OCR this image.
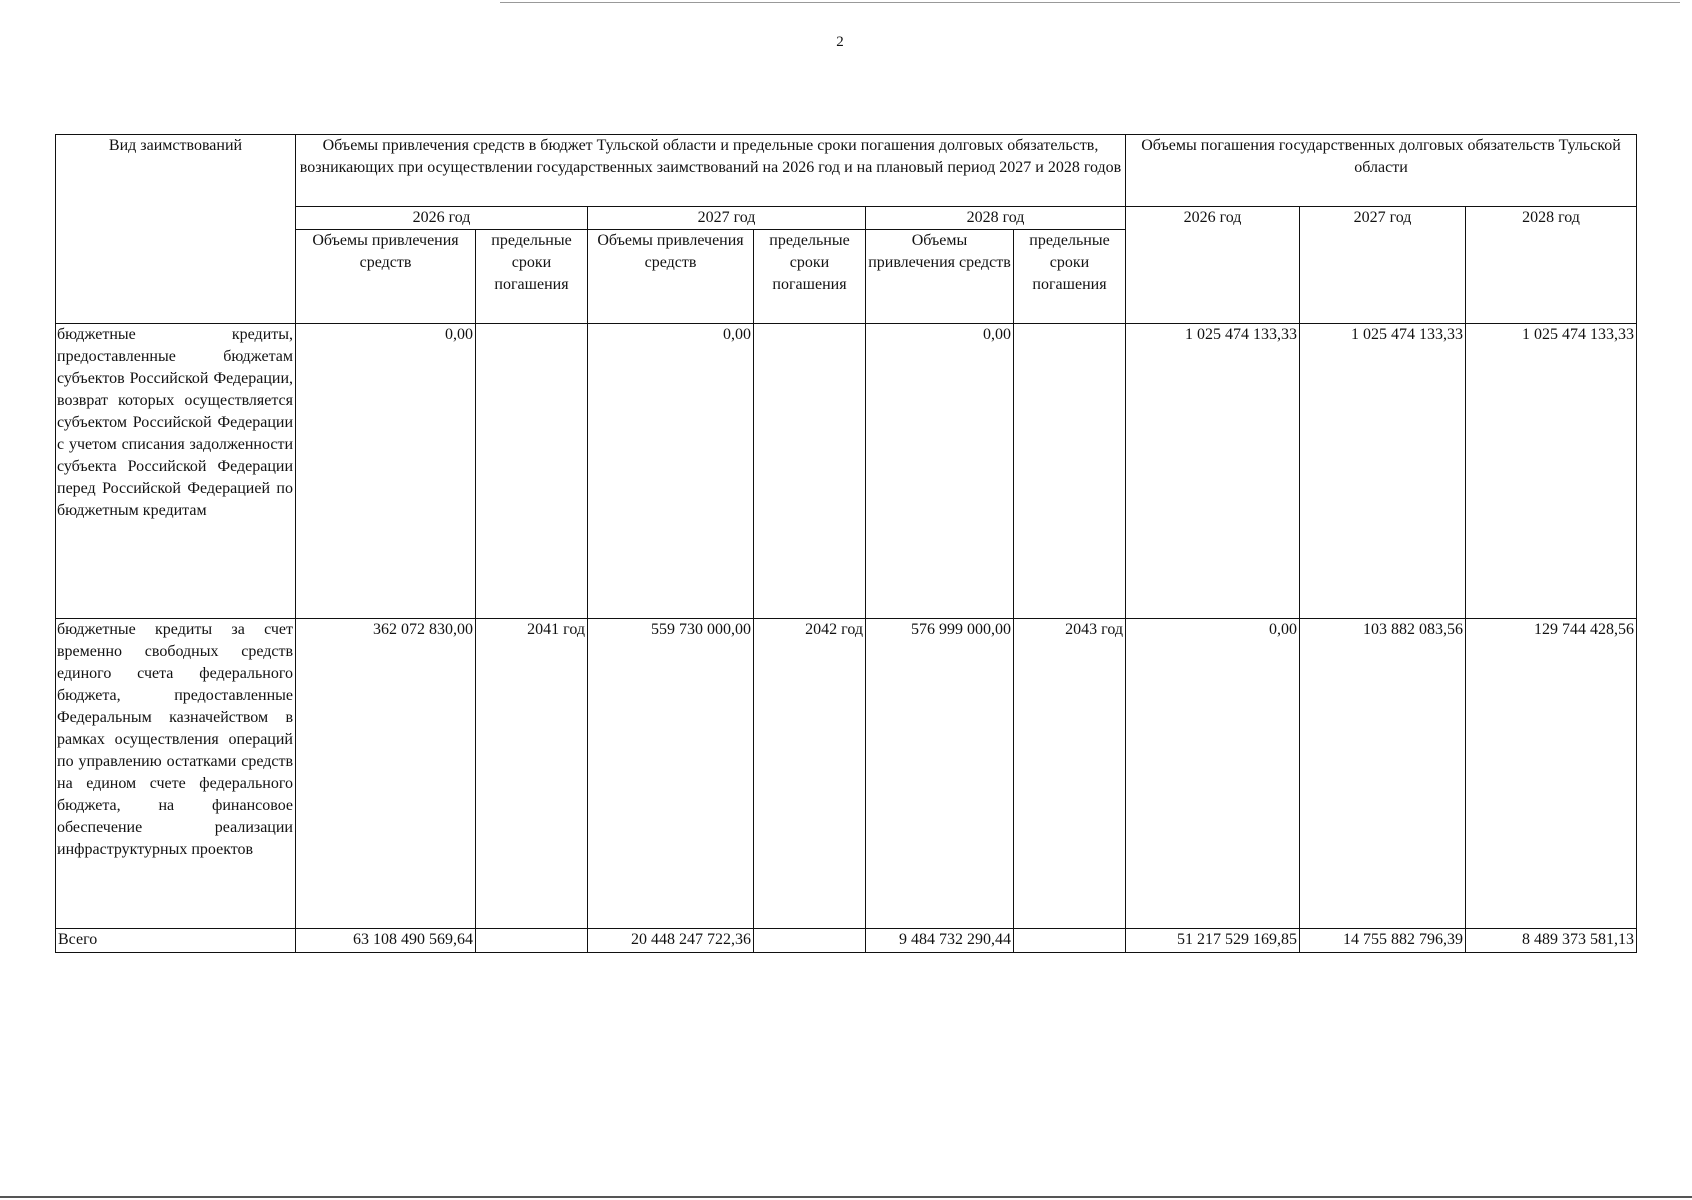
2
Вид заимствований	Объемы привлечения средств в бюджет Тульской области и предельные сроки погашения долговых обязательств, возникающих при осуществлении государственных заимствований на 2026 год и на плановый период 2027 и 2028 годов						Объемы погашения государственных долговых обязательств Тульской области		
	2026 год		2027 год		2028 год		2026 год	2027 год	2028 год
	Объемы привлечения средств	предельные сроки погашения	Объемы привлечения средств	предельные сроки погашения	Объемы привлечения средств	предельные сроки погашения			
бюджетные кредиты, предоставленные бюджетам субъектов Российской Федерации, возврат которых осуществляется субъектом Российской Федерации с учетом списания задолженности субъекта Российской Федерации перед Российской Федерацией по бюджетным кредитам	0,00		0,00		0,00		1 025 474 133,33	1 025 474 133,33	1 025 474 133,33
бюджетные кредиты за счет временно свободных средств единого счета федерального бюджета, предоставленные Федеральным казначейством в рамках осуществления операций по управлению остатками средств на едином счете федерального бюджета, на финансовое обеспечение реализации инфраструктурных проектов	362 072 830,00	2041 год	559 730 000,00	2042 год	576 999 000,00	2043 год	0,00	103 882 083,56	129 744 428,56
Всего	63 108 490 569,64		20 448 247 722,36		9 484 732 290,44		51 217 529 169,85	14 755 882 796,39	8 489 373 581,13
